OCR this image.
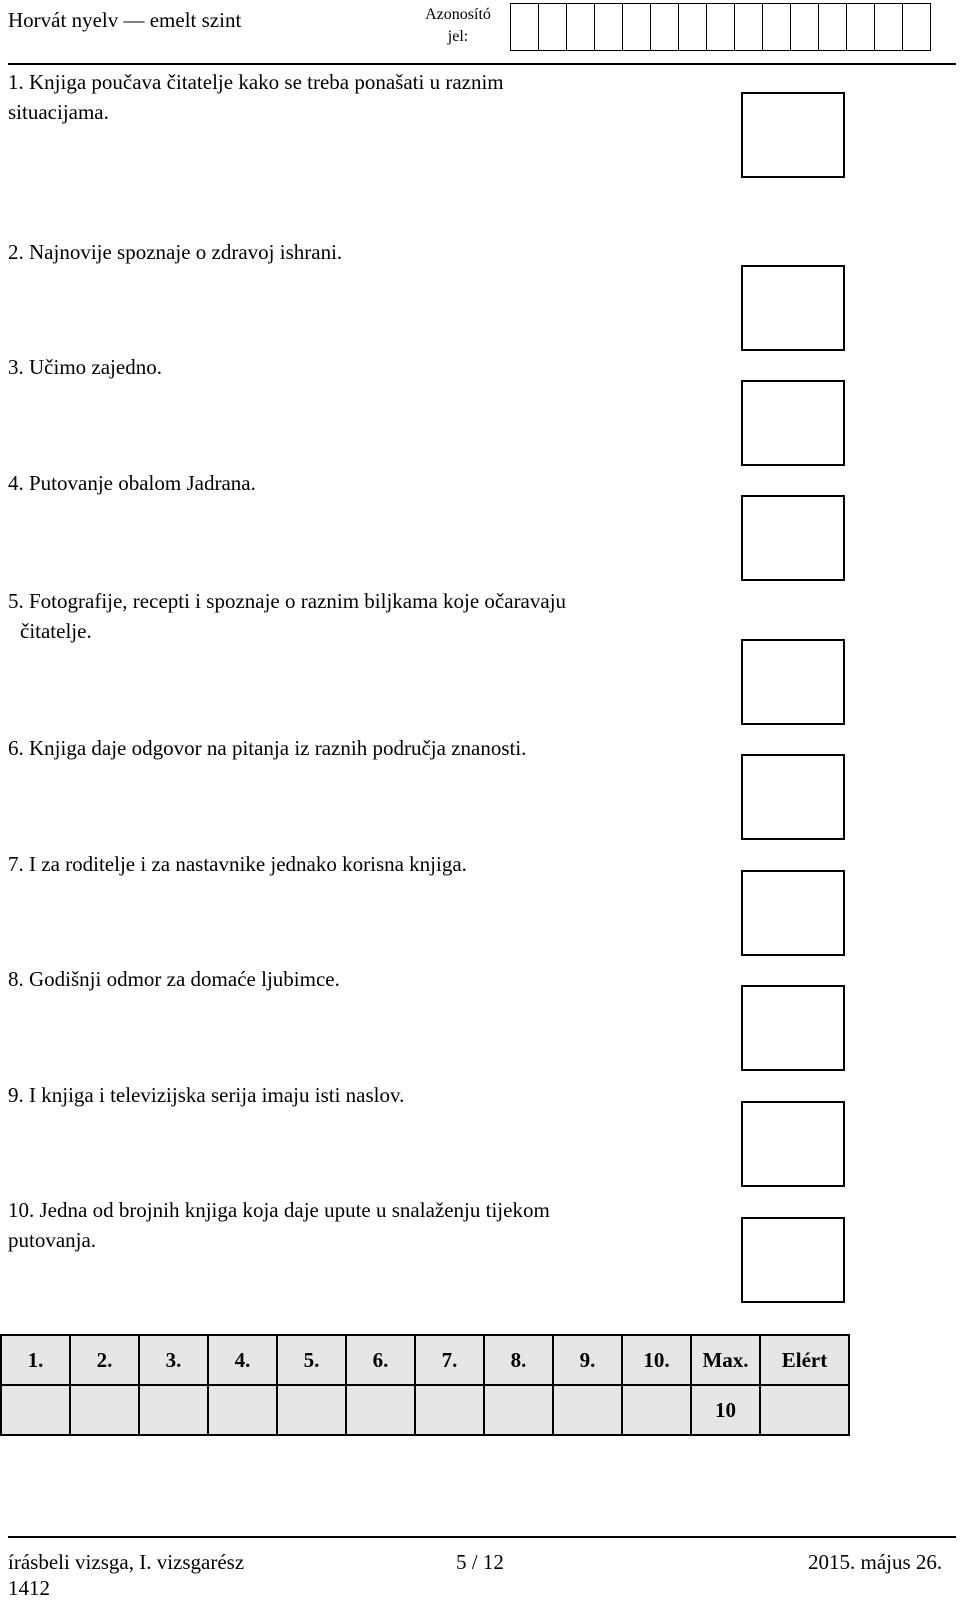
Horvát nyelv — emelt szint	Azonosító
jel:
1. Knjiga poučava čitatelje kako se treba ponašati u raznim
situacijama.
2. Najnovije spoznaje o zdravoj ishrani.
3. Učimo zajedno.
4. Putovanje obalom Jadrana.
5. Fotografije, recepti i spoznaje o raznim biljkama koje očaravaju
čitatelje.
6. Knjiga daje odgovor na pitanja iz raznih područja znanosti.
7. I za roditelje i za nastavnike jednako korisna knjiga.
8. Godišnji odmor za domaće ljubimce.
9. I knjiga i televizijska serija imaju isti naslov.
10. Jedna od brojnih knjiga koja daje upute u snalaženju tijekom
putovanja.
1.	2.	3.	4.	5.	6.	7.	8.	9.	10.	Max.	Elért
										10	
írásbeli vizsga, I. vizsgarész
1412
5 / 12	2015. május 26.
